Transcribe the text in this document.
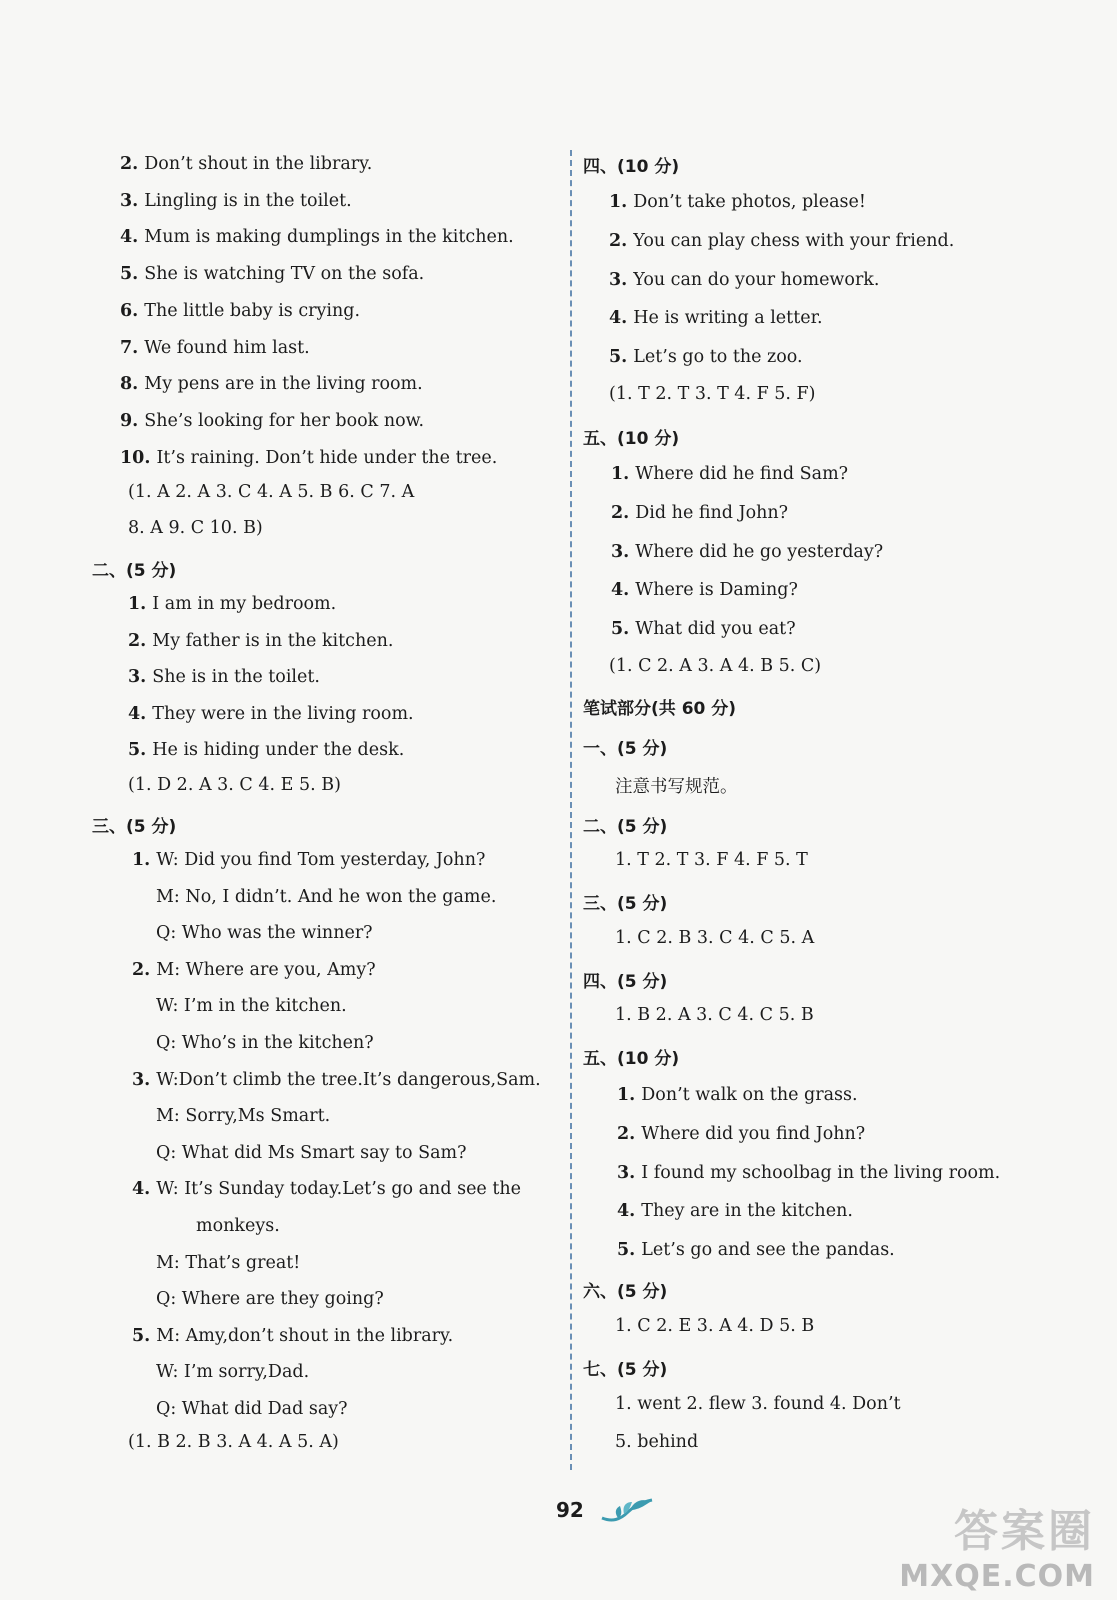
2. Don’t shout in the library.
3. Lingling is in the toilet.
4. Mum is making dumplings in the kitchen.
5. She is watching TV on the sofa.
6. The little baby is crying.
7. We found him last.
8. My pens are in the living room.
9. She’s looking for her book now.
10. It’s raining. Don’t hide under the tree.
(1. A 2. A 3. C 4. A 5. B 6. C 7. A
8. A 9. C 10. B)
二、(5 分)
1. I am in my bedroom.
2. My father is in the kitchen.
3. She is in the toilet.
4. They were in the living room.
5. He is hiding under the desk.
(1. D 2. A 3. C 4. E 5. B)
三、(5 分)
1. W: Did you find Tom yesterday, John?
M: No, I didn’t. And he won the game.
Q: Who was the winner?
2. M: Where are you, Amy?
W: I’m in the kitchen.
Q: Who’s in the kitchen?
3. W:Don’t climb the tree.It’s dangerous,Sam.
M: Sorry,Ms Smart.
Q: What did Ms Smart say to Sam?
4. W: It’s Sunday today.Let’s go and see the
monkeys.
M: That’s great!
Q: Where are they going?
5. M: Amy,don’t shout in the library.
W: I’m sorry,Dad.
Q: What did Dad say?
(1. B 2. B 3. A 4. A 5. A)
四、(10 分)
1. Don’t take photos, please!
2. You can play chess with your friend.
3. You can do your homework.
4. He is writing a letter.
5. Let’s go to the zoo.
(1. T 2. T 3. T 4. F 5. F)
五、(10 分)
1. Where did he find Sam?
2. Did he find John?
3. Where did he go yesterday?
4. Where is Daming?
5. What did you eat?
(1. C 2. A 3. A 4. B 5. C)
笔试部分(共 60 分)
一、(5 分)
注意书写规范。
二、(5 分)
1. T 2. T 3. F 4. F 5. T
三、(5 分)
1. C 2. B 3. C 4. C 5. A
四、(5 分)
1. B 2. A 3. C 4. C 5. B
五、(10 分)
1. Don’t walk on the grass.
2. Where did you find John?
3. I found my schoolbag in the living room.
4. They are in the kitchen.
5. Let’s go and see the pandas.
六、(5 分)
1. C 2. E 3. A 4. D 5. B
七、(5 分)
1. went 2. flew 3. found 4. Don’t
5. behind
92	答案圈
MXQE.COM
